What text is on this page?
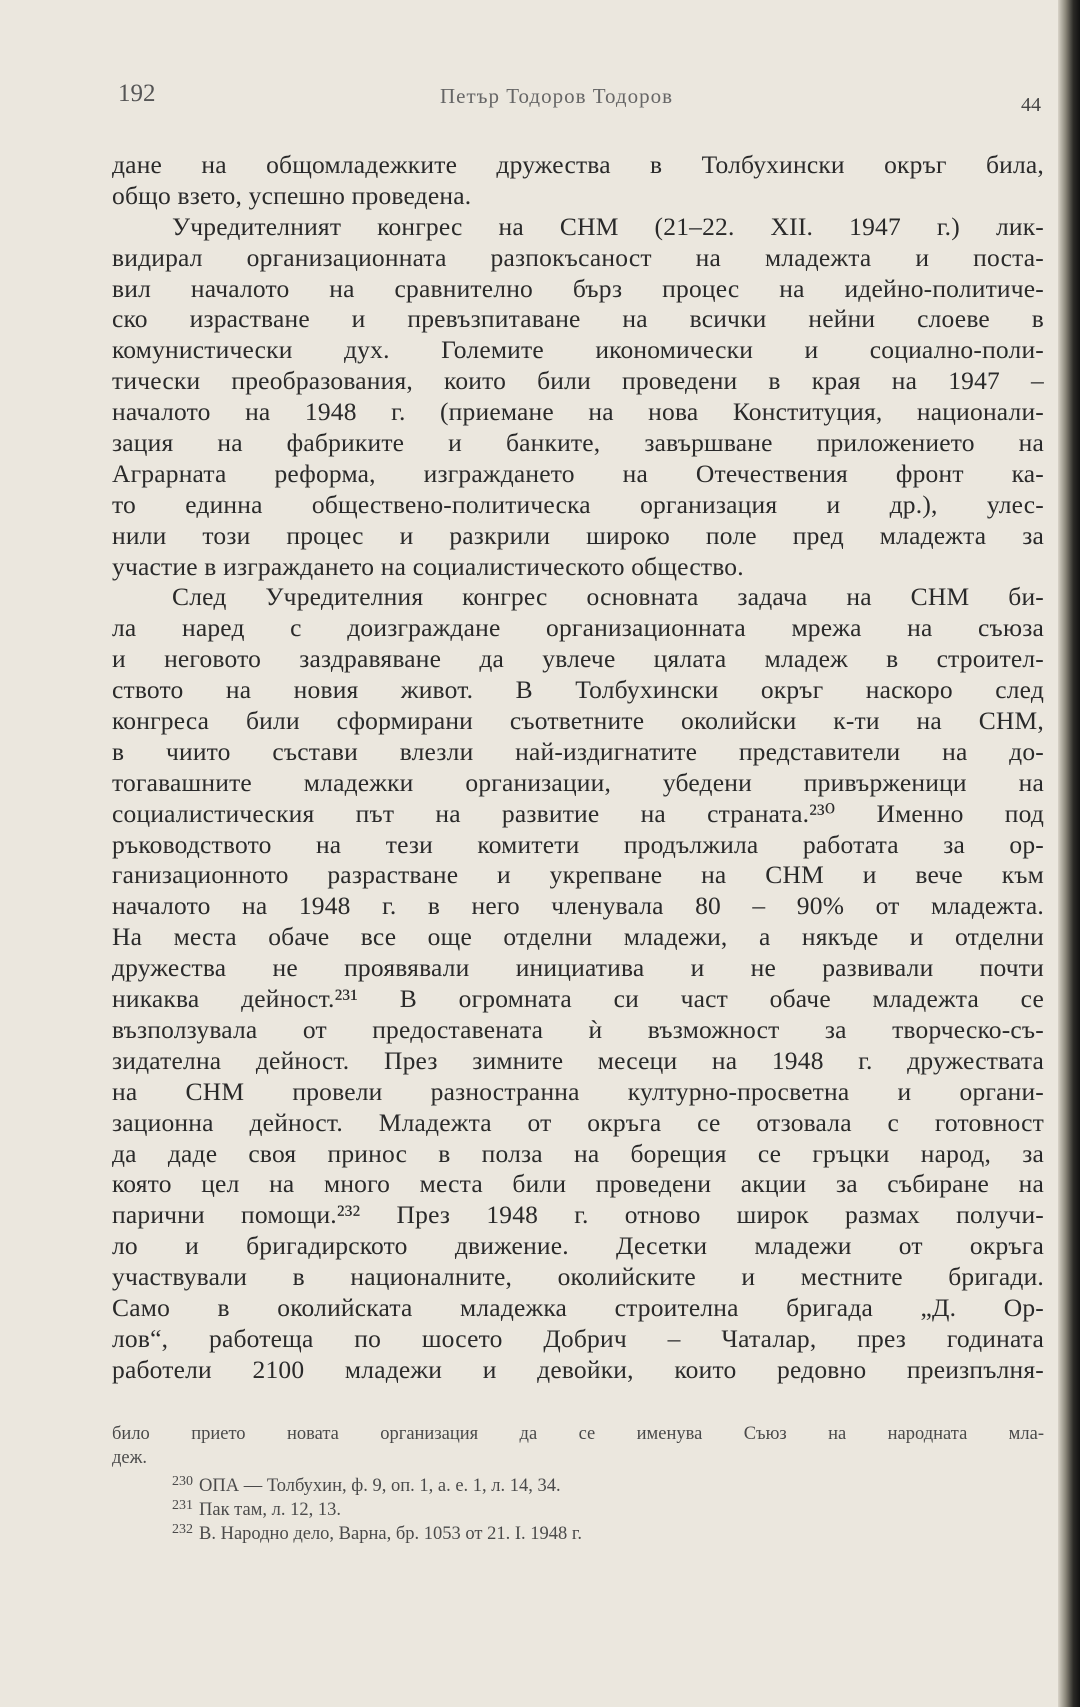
192	Петър Тодоров Тодоров	44
дане на общомладежките дружества в Толбухински окръг била,
общо взето, успешно проведена.
Учредителният конгрес на СНМ (21–22. XII. 1947 г.) лик-
видирал организационната разпокъсаност на младежта и поста-
вил началото на сравнително бърз процес на идейно-политиче-
ско израстване и превъзпитаване на всички нейни слоеве в
комунистически дух. Големите икономически и социално-поли-
тически преобразования, които били проведени в края на 1947 –
началото на 1948 г. (приемане на нова Конституция, национали-
зация на фабриките и банките, завършване приложението на
Аграрната реформа, изграждането на Отечествения фронт ка-
то единна обществено-политическа организация и др.), улес-
нили този процес и разкрили широко поле пред младежта за
участие в изграждането на социалистическото общество.
След Учредителния конгрес основната задача на СНМ би-
ла наред с доизграждане организационната мрежа на съюза
и неговото заздравяване да увлече цялата младеж в строител-
ството на новия живот. В Толбухински окръг наскоро след
конгреса били сформирани съответните околийски к-ти на СНМ,
в чиито състави влезли най-издигнатите представители на до-
тогавашните младежки организации, убедени привърженици на
социалистическия път на развитие на страната.²³⁰ Именно под
ръководството на тези комитети продължила работата за ор-
ганизационното разрастване и укрепване на СНМ и вече към
началото на 1948 г. в него членувала 80 – 90% от младежта.
На места обаче все още отделни младежи, а някъде и отделни
дружества не проявявали инициатива и не развивали почти
никаква дейност.²³¹ В огромната си част обаче младежта се
възползувала от предоставената ѝ възможност за творческо-съ-
зидателна дейност. През зимните месеци на 1948 г. дружествата
на СНМ провели разностранна културно-просветна и органи-
зационна дейност. Младежта от окръга се отзовала с готовност
да даде своя принос в полза на борещия се гръцки народ, за
която цел на много места били проведени акции за събиране на
парични помощи.²³² През 1948 г. отново широк размах получи-
ло и бригадирското движение. Десетки младежи от окръга
участвували в националните, околийските и местните бригади.
Само в околийската младежка строителна бригада „Д. Ор-
лов“, работеща по шосето Добрич – Чаталар, през годината
работели 2100 младежи и девойки, които редовно преизпълня-
било прието новата организация да се именува Съюз на народната мла-
деж.
$^{230}$ ОПА — Толбухин, ф. 9, оп. 1, а. е. 1, л. 14, 34.
$^{231}$ Пак там, л. 12, 13.
$^{232}$ В. Народно дело, Варна, бр. 1053 от 21. I. 1948 г.
